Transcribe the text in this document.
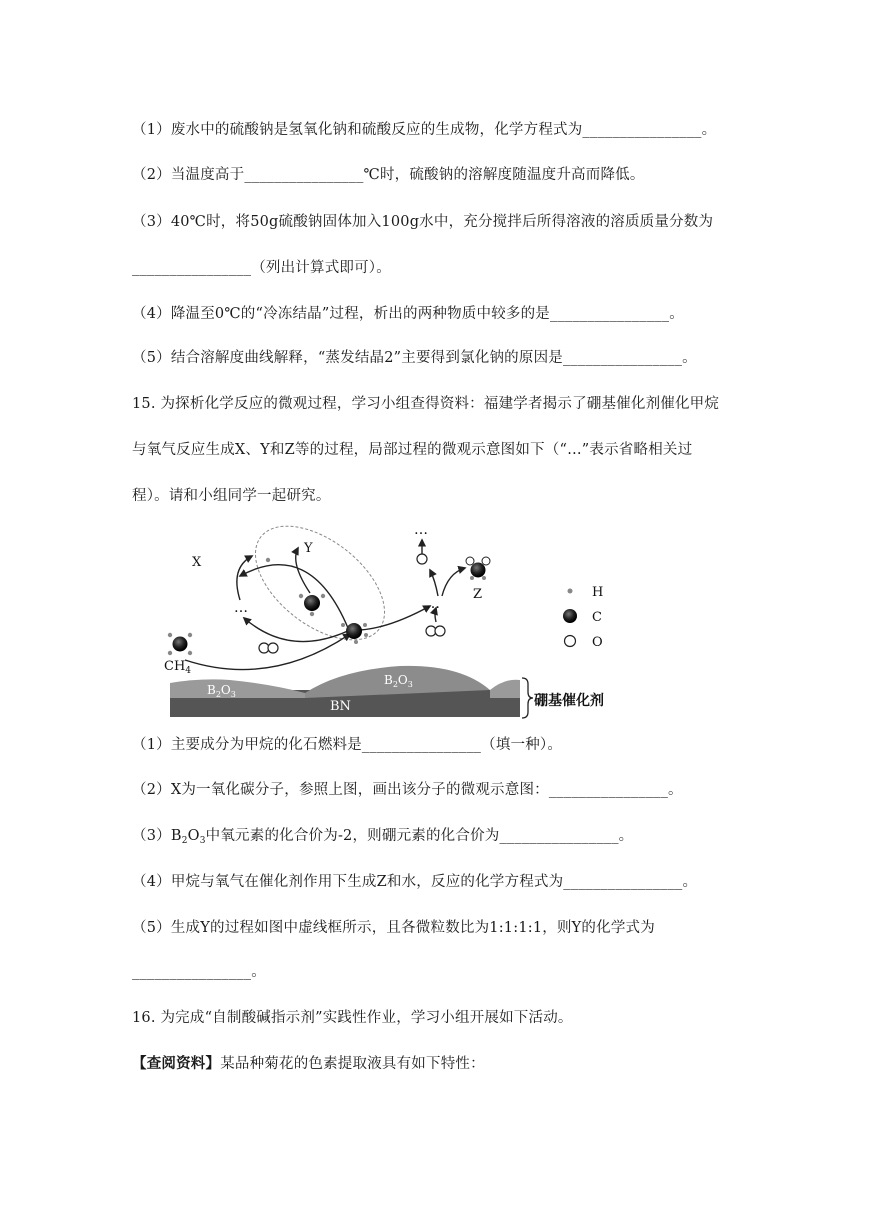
（1）废水中的硫酸钠是氢氧化钠和硫酸反应的生成物，化学方程式为________________。
（2）当温度高于________________℃时，硫酸钠的溶解度随温度升高而降低。
（3）40℃时，将50g硫酸钠固体加入100g水中，充分搅拌后所得溶液的溶质质量分数为
________________（列出计算式即可）。
（4）降温至0℃的“冷冻结晶”过程，析出的两种物质中较多的是________________。
（5）结合溶解度曲线解释，“蒸发结晶2”主要得到氯化钠的原因是________________。
15. 为探析化学反应的微观过程，学习小组查得资料：福建学者揭示了硼基催化剂催化甲烷
与氧气反应生成X、Y和Z等的过程，局部过程的微观示意图如下（“…”表示省略相关过
程）。请和小组同学一起研究。
$B_2O_3$
$B_2O_3$
BN	硼基催化剂
…	…
…
X
Y
Z
$CH_4$
H
C
O
（1）主要成分为甲烷的化石燃料是________________（填一种）。
（2）X为一氧化碳分子，参照上图，画出该分子的微观示意图：________________。
$(3)B_2O_3$中氧元素的化合价为-2，则硼元素的化合价为________________。
（4）甲烷与氧气在催化剂作用下生成Z和水，反应的化学方程式为________________。
（5）生成Y的过程如图中虚线框所示，且各微粒数比为1:1:1:1，则Y的化学式为
________________。
16. 为完成“自制酸碱指示剂”实践性作业，学习小组开展如下活动。
【查阅资料】某品种菊花的色素提取液具有如下特性：
